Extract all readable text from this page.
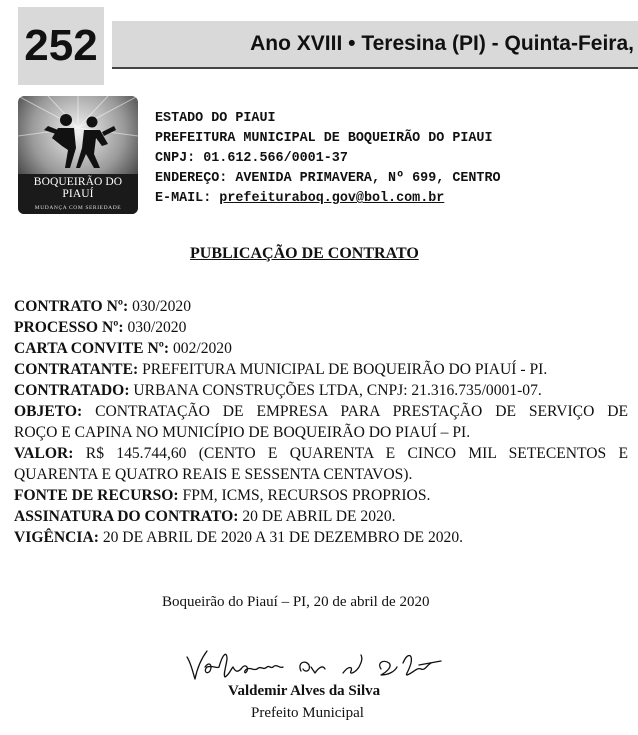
252	Ano XVIII • Teresina (PI) - Quinta-Feira,
BOQUEIRÃO DO PIAUÍ
MUDANÇA COM SERIEDADE
ESTADO DO PIAUI
PREFEITURA MUNICIPAL DE BOQUEIRÃO DO PIAUI
CNPJ: 01.612.566/0001-37
ENDEREÇO: AVENIDA PRIMAVERA, Nº 699, CENTRO
E-MAIL: prefeituraboq.gov@bol.com.br
PUBLICAÇÃO DE CONTRATO
CONTRATO Nº: 030/2020
PROCESSO Nº: 030/2020
CARTA CONVITE Nº: 002/2020
CONTRATANTE: PREFEITURA MUNICIPAL DE BOQUEIRÃO DO PIAUÍ - PI.
CONTRATADO: URBANA CONSTRUÇÕES LTDA, CNPJ: 21.316.735/0001-07.
OBJETO: CONTRATAÇÃO DE EMPRESA PARA PRESTAÇÃO DE SERVIÇO DE
ROÇO E CAPINA NO MUNICÍPIO DE BOQUEIRÃO DO PIAUÍ – PI.
VALOR: R$ 145.744,60 (CENTO E QUARENTA E CINCO MIL SETECENTOS E
QUARENTA E QUATRO REAIS E SESSENTA CENTAVOS).
FONTE DE RECURSO: FPM, ICMS, RECURSOS PROPRIOS.
ASSINATURA DO CONTRATO: 20 DE ABRIL DE 2020.
VIGÊNCIA: 20 DE ABRIL DE 2020 A 31 DE DEZEMBRO DE 2020.
Boqueirão do Piauí – PI, 20 de abril de 2020
Valdemir Alves da Silva
Prefeito Municipal
